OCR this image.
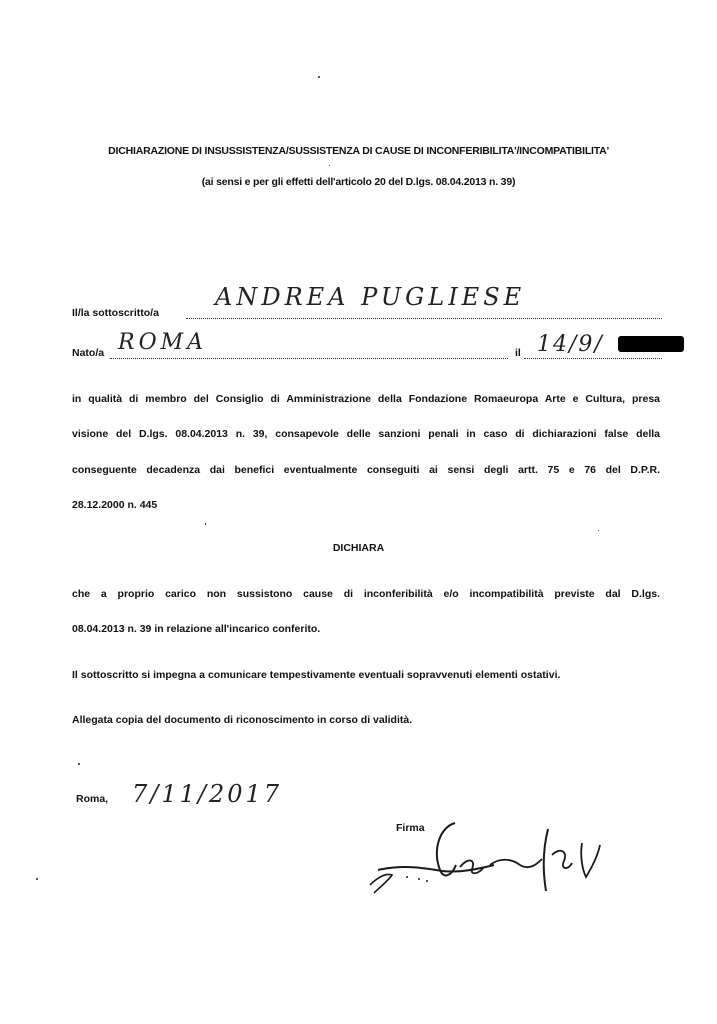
DICHIARAZIONE DI INSUSSISTENZA/SUSSISTENZA DI CAUSE DI INCONFERIBILITA'/INCOMPATIBILITA'
(ai sensi e per gli effetti dell'articolo 20 del D.lgs. 08.04.2013 n. 39)
Il/la sottoscritto/a
ANDREA PUGLIESE
Nato/a ROMA	il 14/9/
in qualità di membro del Consiglio di Amministrazione della Fondazione Romaeuropa Arte e Cultura, presa
visione del D.lgs. 08.04.2013 n. 39, consapevole delle sanzioni penali in caso di dichiarazioni false della
conseguente decadenza dai benefici eventualmente conseguiti ai sensi degli artt. 75 e 76 del D.P.R.
28.12.2000 n. 445
DICHIARA
che a proprio carico non sussistono cause di inconferibilità e/o incompatibilità previste dal D.lgs.
08.04.2013 n. 39 in relazione all'incarico conferito.
Il sottoscritto si impegna a comunicare tempestivamente eventuali sopravvenuti elementi ostativi.
Allegata copia del documento di riconoscimento in corso di validità.
Roma, 7/11/2017
Firma
